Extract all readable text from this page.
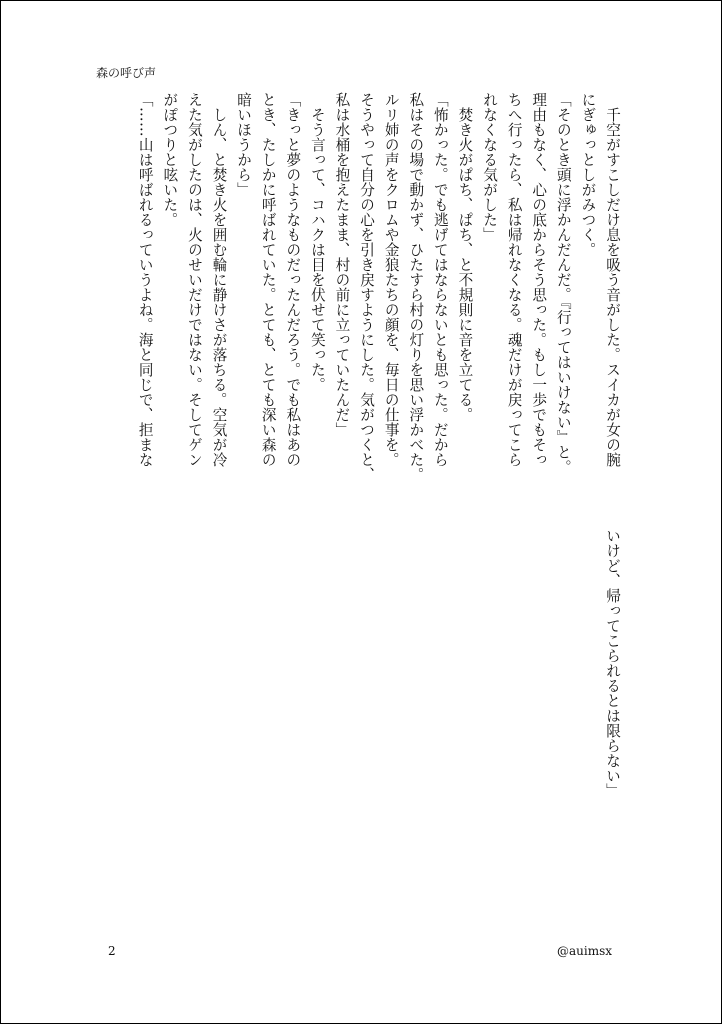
森の呼び声
　千空がすこしだけ息を吸う音がした。スイカが女の腕
にぎゅっとしがみつく。
「そのとき頭に浮かんだんだ。『行ってはいけない』と。
理由もなく、心の底からそう思った。もし一歩でもそっ
ちへ行ったら、私は帰れなくなる。魂だけが戻ってこら
れなくなる気がした」
　焚き火がぱち、ぱち、と不規則に音を立てる。
「怖かった。でも逃げてはならないとも思った。だから
私はその場で動かず、ひたすら村の灯りを思い浮かべた。
ルリ姉の声をクロムや金狼たちの顔を、毎日の仕事を。
そうやって自分の心を引き戻すようにした。気がつくと、
私は水桶を抱えたまま、村の前に立っていたんだ」
　そう言って、コハクは目を伏せて笑った。
「きっと夢のようなものだったんだろう。でも私はあの
とき、たしかに呼ばれていた。とても、とても深い森の
暗いほうから」
　しん、と焚き火を囲む輪に静けさが落ちる。空気が冷
えた気がしたのは、火のせいだけではない。そしてゲン
がぽつりと呟いた。
「……山は呼ばれるっていうよね。海と同じで、拒まな
いけど、帰ってこられるとは限らない」
2	@auimsx
